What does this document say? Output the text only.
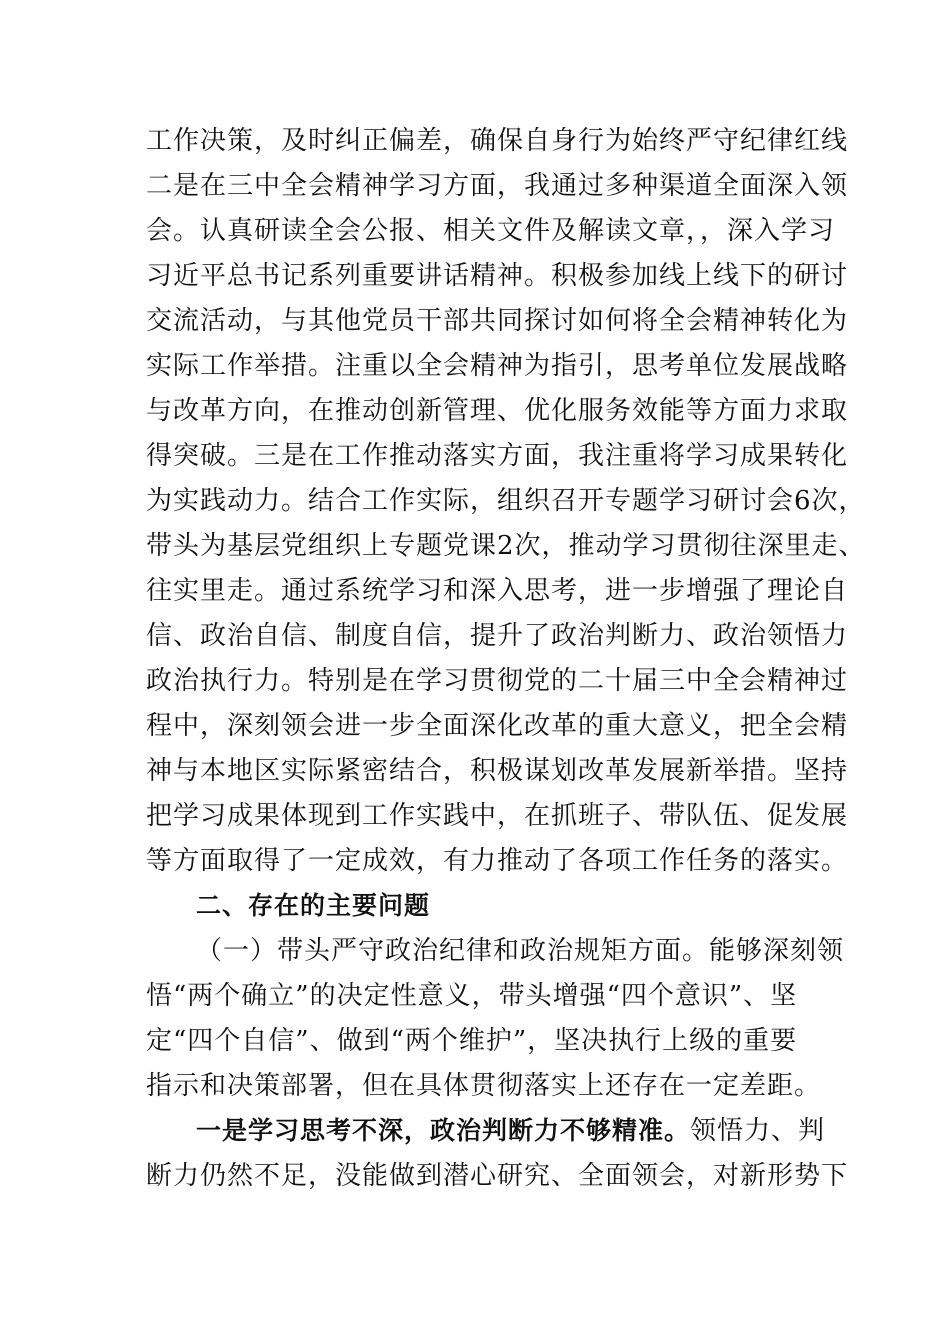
工作决策，及时纠正偏差，确保自身行为始终严守纪律红线
二是在三中全会精神学习方面，我通过多种渠道全面深入领
会。认真研读全会公报、相关文件及解读文章，，深入学习
习近平总书记系列重要讲话精神。积极参加线上线下的研讨
交流活动，与其他党员干部共同探讨如何将全会精神转化为
实际工作举措。注重以全会精神为指引，思考单位发展战略
与改革方向，在推动创新管理、优化服务效能等方面力求取
得突破。三是在工作推动落实方面，我注重将学习成果转化
为实践动力。结合工作实际，组织召开专题学习研讨会6次，
带头为基层党组织上专题党课2次，推动学习贯彻往深里走、
往实里走。通过系统学习和深入思考，进一步增强了理论自
信、政治自信、制度自信，提升了政治判断力、政治领悟力
政治执行力。特别是在学习贯彻党的二十届三中全会精神过
程中，深刻领会进一步全面深化改革的重大意义，把全会精
神与本地区实际紧密结合，积极谋划改革发展新举措。坚持
把学习成果体现到工作实践中，在抓班子、带队伍、促发展
等方面取得了一定成效，有力推动了各项工作任务的落实。
二、存在的主要问题
（一）带头严守政治纪律和政治规矩方面。能够深刻领
悟“两个确立”的决定性意义，带头增强“四个意识”、坚
定“四个自信”、做到“两个维护”，坚决执行上级的重要
指示和决策部署，但在具体贯彻落实上还存在一定差距。
一是学习思考不深，政治判断力不够精准。领悟力、判
断力仍然不足，没能做到潜心研究、全面领会，对新形势下
